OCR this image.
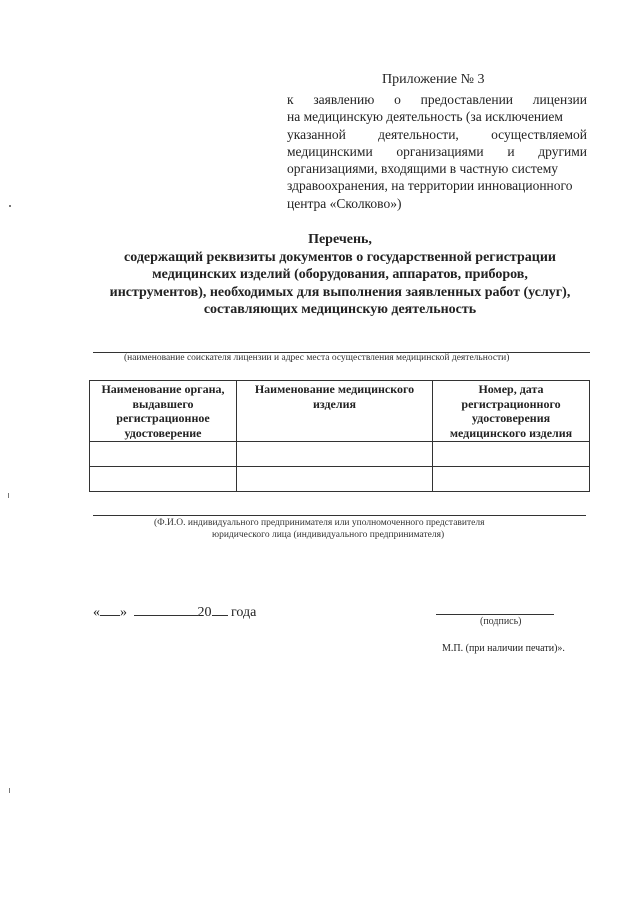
Приложение № 3
к заявлению о предоставлении лицензии
на медицинскую деятельность (за исключением
указанной деятельности, осуществляемой
медицинскими организациями и другими
организациями, входящими в частную систему
здравоохранения, на территории инновационного
центра «Сколково»)
Перечень,
содержащий реквизиты документов о государственной регистрации
медицинских изделий (оборудования, аппаратов, приборов,
инструментов), необходимых для выполнения заявленных работ (услуг),
составляющих медицинскую деятельность
(наименование соискателя лицензии и адрес места осуществления медицинской деятельности)
Наименование органа, выдавшего регистрационное удостоверение	Наименование медицинского изделия	Номер, дата регистрационного удостоверения медицинского изделия

(Ф.И.О. индивидуального предпринимателя или уполномоченного представителя
юридического лица (индивидуального предпринимателя)
« »	20 года
(подпись)
М.П. (при наличии печати)».
